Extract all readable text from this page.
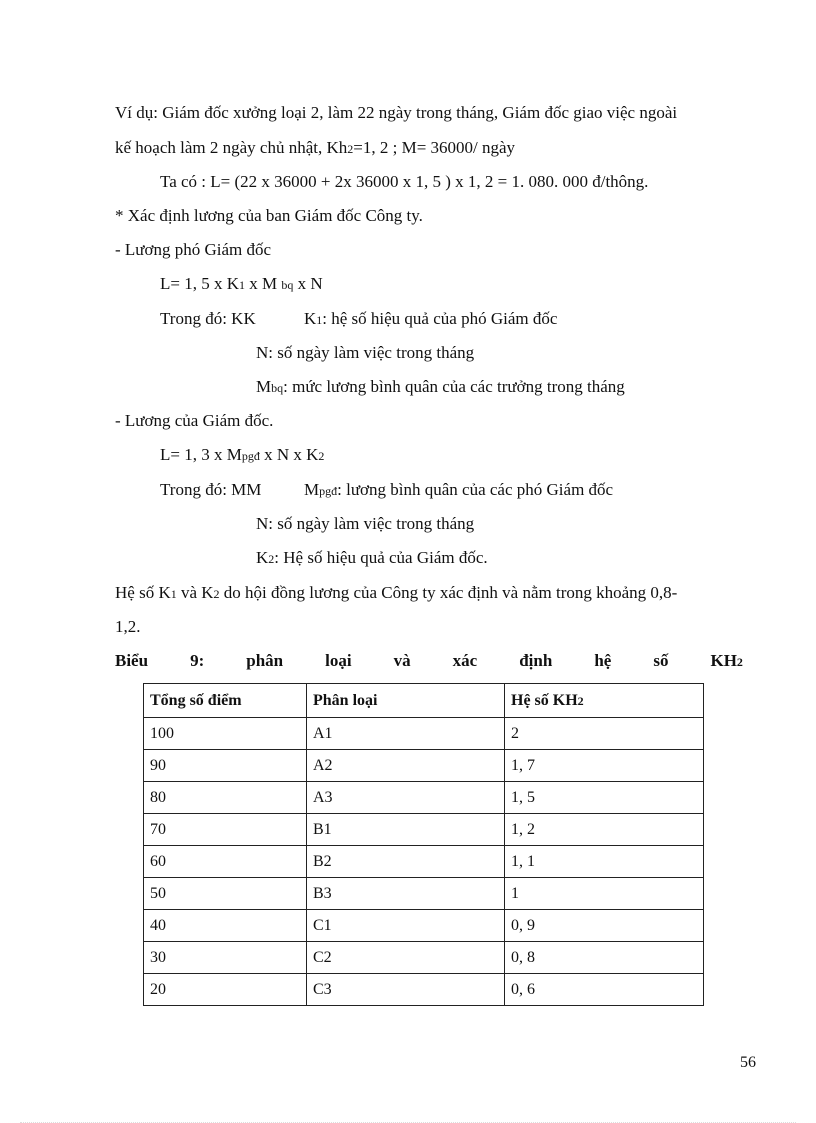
Ví dụ: Giám đốc xưởng loại 2, làm 22 ngày trong tháng, Giám đốc giao việc ngoài
kế hoạch làm 2 ngày chủ nhật, Kh2=1, 2 ; M= 36000/ ngày
Ta có : L= (22 x 36000 + 2x 36000 x 1, 5 ) x 1, 2 = 1. 080. 000 đ/thông.
* Xác định lương của ban Giám đốc Công ty.
- Lương phó Giám đốc
L= 1, 5 x K1 x M bq x N
Trong đó: KK	K1: hệ số hiệu quả của phó Giám đốc
N: số ngày làm việc trong tháng
Mbq: mức lương bình quân của các trưởng trong tháng
- Lương của Giám đốc.
L= 1, 3 x Mpgđ x N x K2
Trong đó: MM	Mpgđ: lương bình quân của các phó Giám đốc
N: số ngày làm việc trong tháng
K2: Hệ số hiệu quả của Giám đốc.
Hệ số K1 và K2 do hội đồng lương của Công ty xác định và nằm trong khoảng 0,8-
1,2.
Biểu 9: phân loại và xác định hệ số KH2
Tổng số điểm	Phân loại	Hệ số KH2
100	A1	2
90	A2	1, 7
80	A3	1, 5
70	B1	1, 2
60	B2	1, 1
50	B3	1
40	C1	0, 9
30	C2	0, 8
20	C3	0, 6
56
